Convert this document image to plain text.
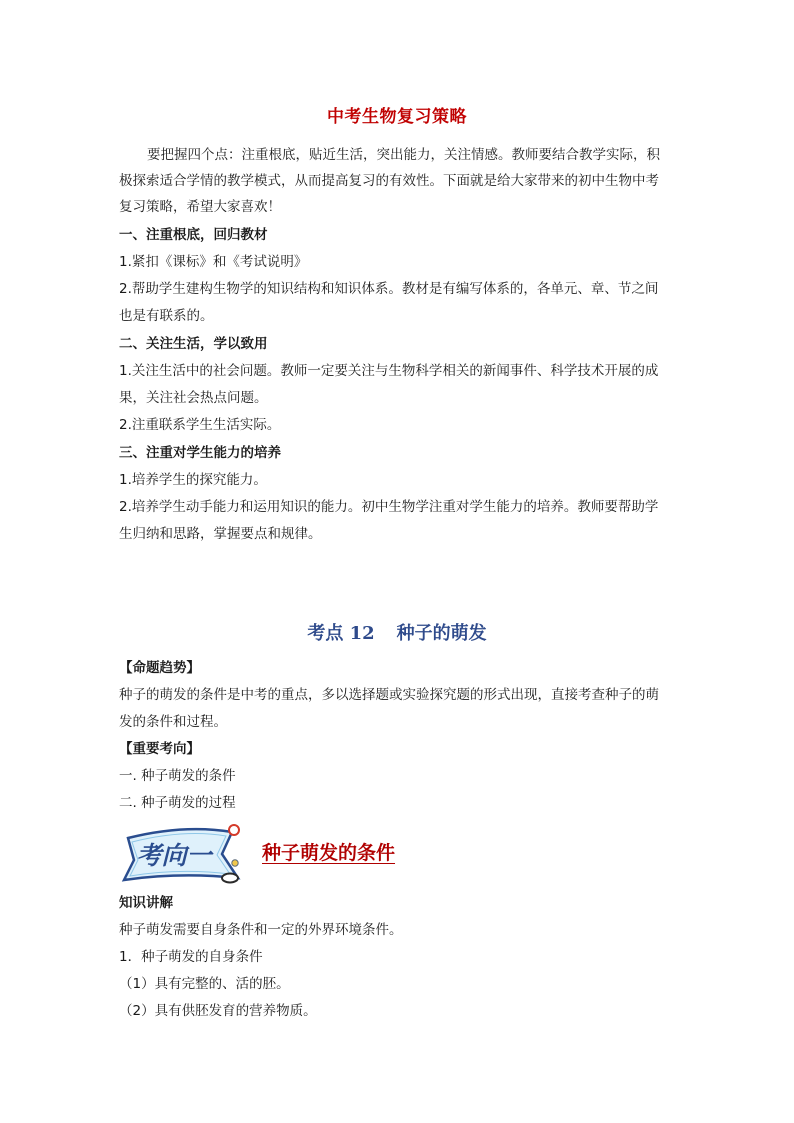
中考生物复习策略
要把握四个点：注重根底，贴近生活，突出能力，关注情感。教师要结合教学实际，积
极探索适合学情的教学模式，从而提高复习的有效性。下面就是给大家带来的初中生物中考
复习策略，希望大家喜欢！
一、注重根底，回归教材
1.紧扣《课标》和《考试说明》
2.帮助学生建构生物学的知识结构和知识体系。教材是有编写体系的，各单元、章、节之间
也是有联系的。
二、关注生活，学以致用
1.关注生活中的社会问题。教师一定要关注与生物科学相关的新闻事件、科学技术开展的成
果，关注社会热点问题。
2.注重联系学生生活实际。
三、注重对学生能力的培养
1.培养学生的探究能力。
2.培养学生动手能力和运用知识的能力。初中生物学注重对学生能力的培养。教师要帮助学
生归纳和思路，掌握要点和规律。
考点 12 种子的萌发
【命题趋势】
种子的萌发的条件是中考的重点，多以选择题或实验探究题的形式出现，直接考查种子的萌
发的条件和过程。
【重要考向】
一. 种子萌发的条件
二. 种子萌发的过程
考向一	种子萌发的条件
知识讲解
种子萌发需要自身条件和一定的外界环境条件。
1．种子萌发的自身条件
（1）具有完整的、活的胚。
（2）具有供胚发育的营养物质。
